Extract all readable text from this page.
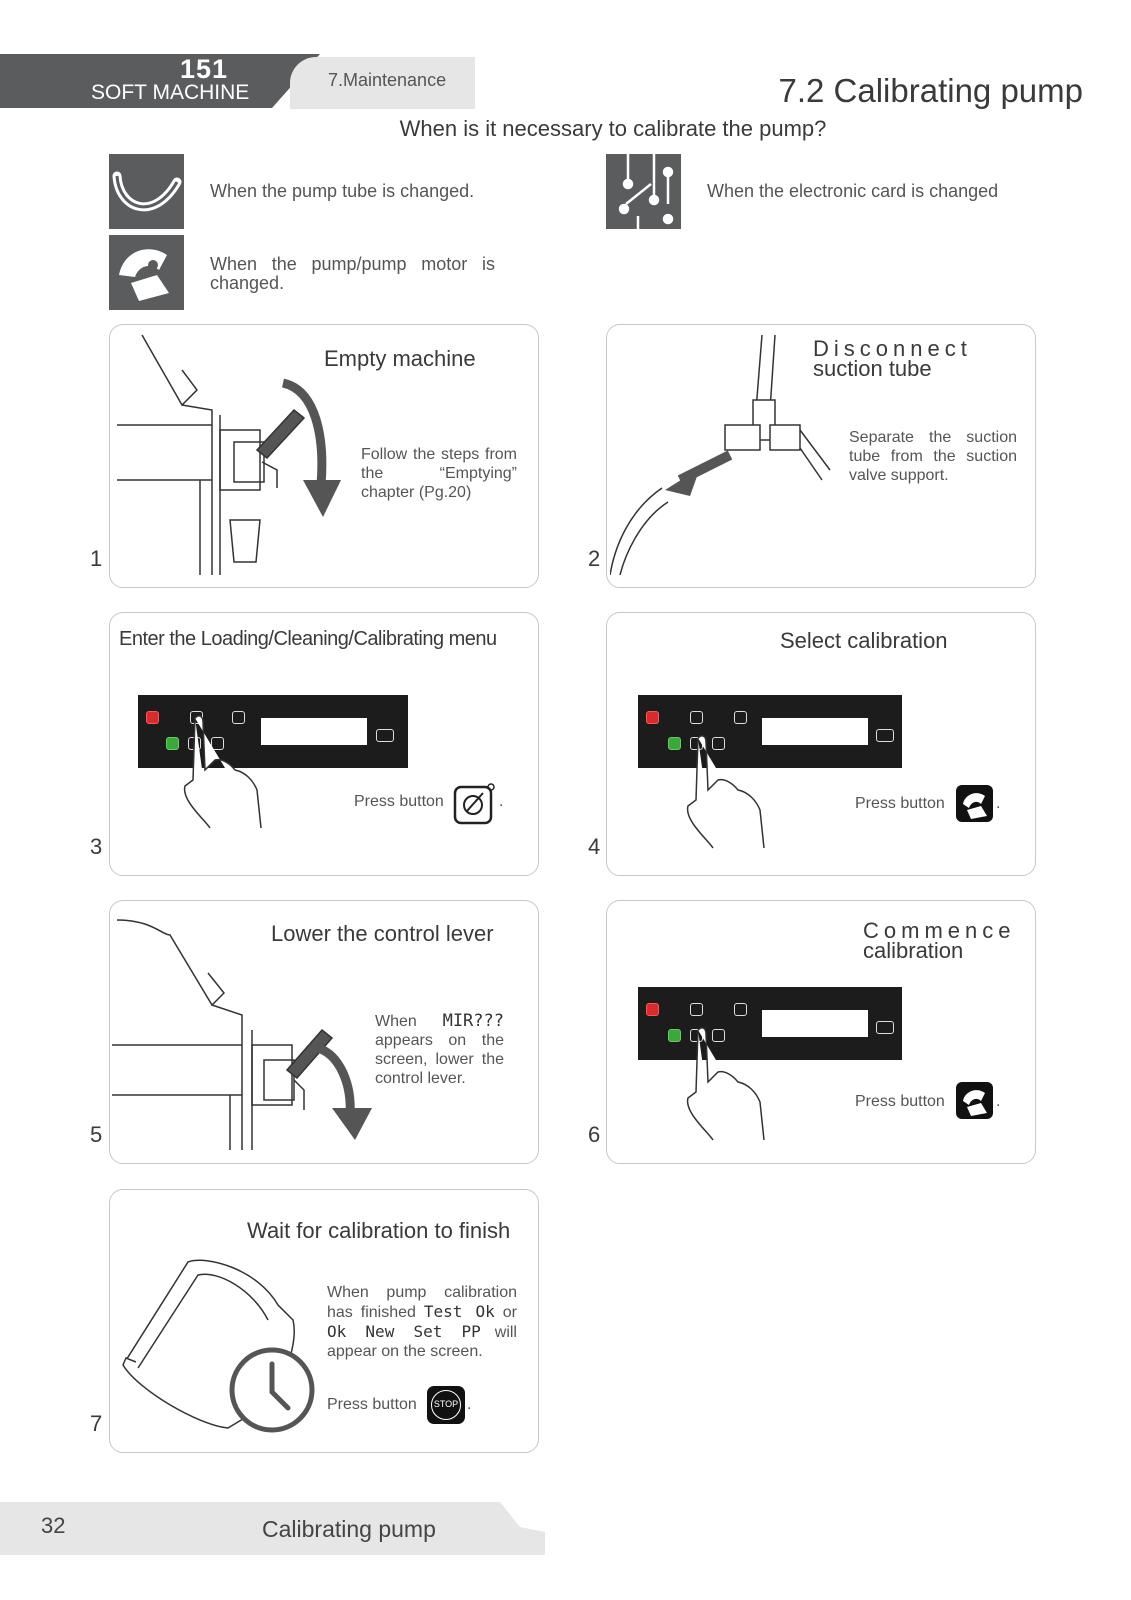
151
SOFT MACHINE
7.Maintenance	7.2 Calibrating pump
When is it necessary to calibrate the pump?
When the pump tube is changed.	When the electronic card is changed
When the pump/pump motor is changed.
1
Empty machine
Follow the steps from the “Emptying” chapter (Pg.20)
2
Disconnect
suction tube
Separate the suction tube from the suction valve support.
3
Enter the Loading/Cleaning/Calibrating menu
Press button	.
4
Select calibration
Press button	.
5
Lower the control lever
When MIR??? appears on the screen, lower the control lever.
6
Commence
calibration
Press button	.
7
Wait for calibration to finish
When pump calibration has finished Test Ok or Ok New Set PP will appear on the screen.
Press button	STOP .
32	Calibrating pump
